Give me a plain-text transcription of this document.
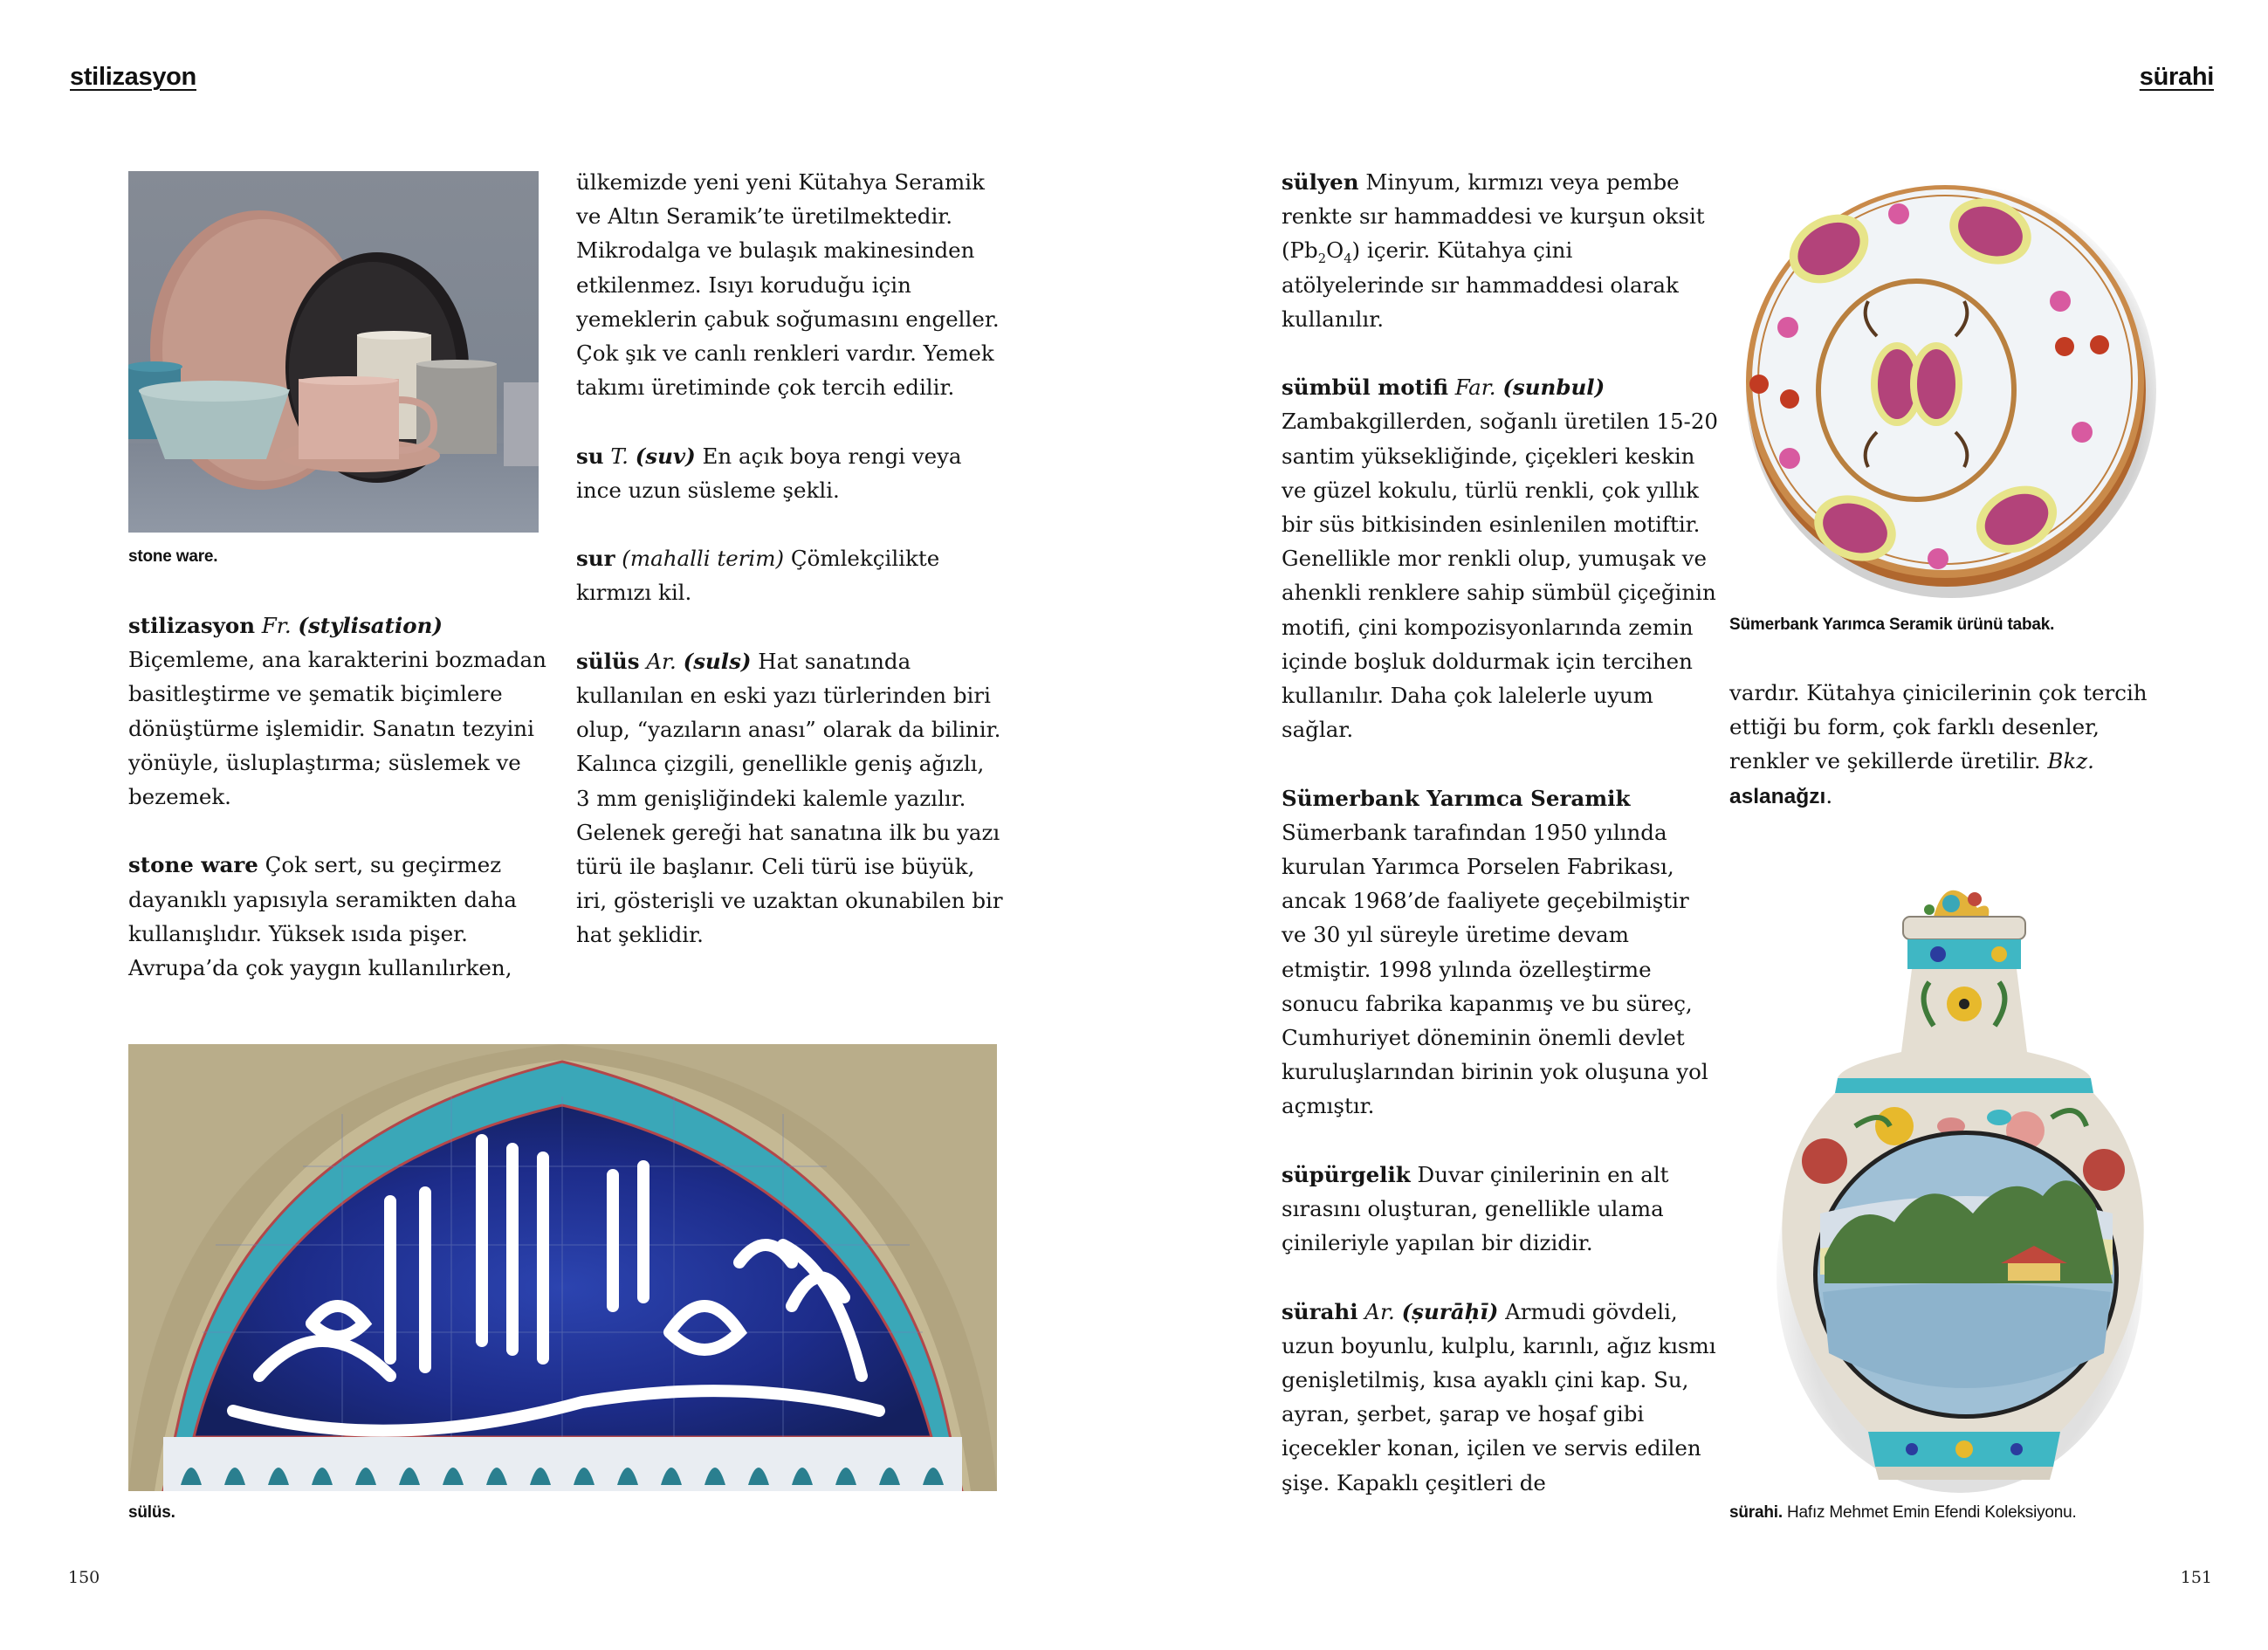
stilizasyon	sürahi
stone ware.

stilizasyon Fr. (stylisation)
Biçemleme, ana karakterini bozmadan basitleştirme ve şematik biçimlere dönüştürme işlemidir. Sanatın tezyini yönüyle, üsluplaştırma; süslemek ve bezemek.

stone ware Çok sert, su geçirmez dayanıklı yapısıyla seramikten daha kullanışlıdır. Yüksek ısıda pişer. Avrupa’da çok yaygın kullanılırken,

ülkemizde yeni yeni Kütahya Seramik ve Altın Seramik’te üretilmektedir. Mikrodalga ve bulaşık makinesinden etkilenmez. Isıyı koruduğu için yemeklerin çabuk soğumasını engeller. Çok şık ve canlı renkleri vardır. Yemek takımı üretiminde çok tercih edilir.

su T. (suv) En açık boya rengi veya ince uzun süsleme şekli.

sur (mahalli terim) Çömlekçilikte kırmızı kil.

sülüs Ar. (suls) Hat sanatında kullanılan en eski yazı türlerinden biri olup, “yazıların anası” olarak da bilinir. Kalınca çizgili, genellikle geniş ağızlı, 3 mm genişliğindeki kalemle yazılır. Gelenek gereği hat sanatına ilk bu yazı türü ile başlanır. Celi türü ise büyük, iri, gösterişli ve uzaktan okunabilen bir hat şeklidir.

sülüs.

sülyen Minyum, kırmızı veya pembe renkte sır hammaddesi ve kurşun oksit $(Pb_2O_4)$ içerir. Kütahya çini atölyelerinde sır hammaddesi olarak kullanılır.

sümbül motifi Far. (sunbul) Zambakgillerden, soğanlı üretilen 15-20 santim yüksekliğinde, çiçekleri keskin ve güzel kokulu, türlü renkli, çok yıllık bir süs bitkisinden esinlenilen motiftir. Genellikle mor renkli olup, yumuşak ve ahenkli renklere sahip sümbül çiçeğinin motifi, çini kompozisyonlarında zemin içinde boşluk doldurmak için tercihen kullanılır. Daha çok lalelerle uyum sağlar.

Sümerbank Yarımca Seramik
Sümerbank tarafından 1950 yılında kurulan Yarımca Porselen Fabrikası, ancak 1968’de faaliyete geçebilmiştir ve 30 yıl süreyle üretime devam etmiştir. 1998 yılında özelleştirme sonucu fabrika kapanmış ve bu süreç, Cumhuriyet döneminin önemli devlet kuruluşlarından birinin yok oluşuna yol açmıştır.

süpürgelik Duvar çinilerinin en alt sırasını oluşturan, genellikle ulama çinileriyle yapılan bir dizidir.

sürahi Ar. (ṣurāḥī) Armudi gövdeli, uzun boyunlu, kulplu, karınlı, ağız kısmı genişletilmiş, kısa ayaklı çini kap. Su, ayran, şerbet, şarap ve hoşaf gibi içecekler konan, içilen ve servis edilen şişe. Kapaklı çeşitleri de

Sümerbank Yarımca Seramik ürünü tabak.

vardır. Kütahya çinicilerinin çok tercih ettiği bu form, çok farklı desenler, renkler ve şekillerde üretilir. Bkz. aslanağzı.

sürahi. Hafız Mehmet Emin Efendi Koleksiyonu.
150	151
